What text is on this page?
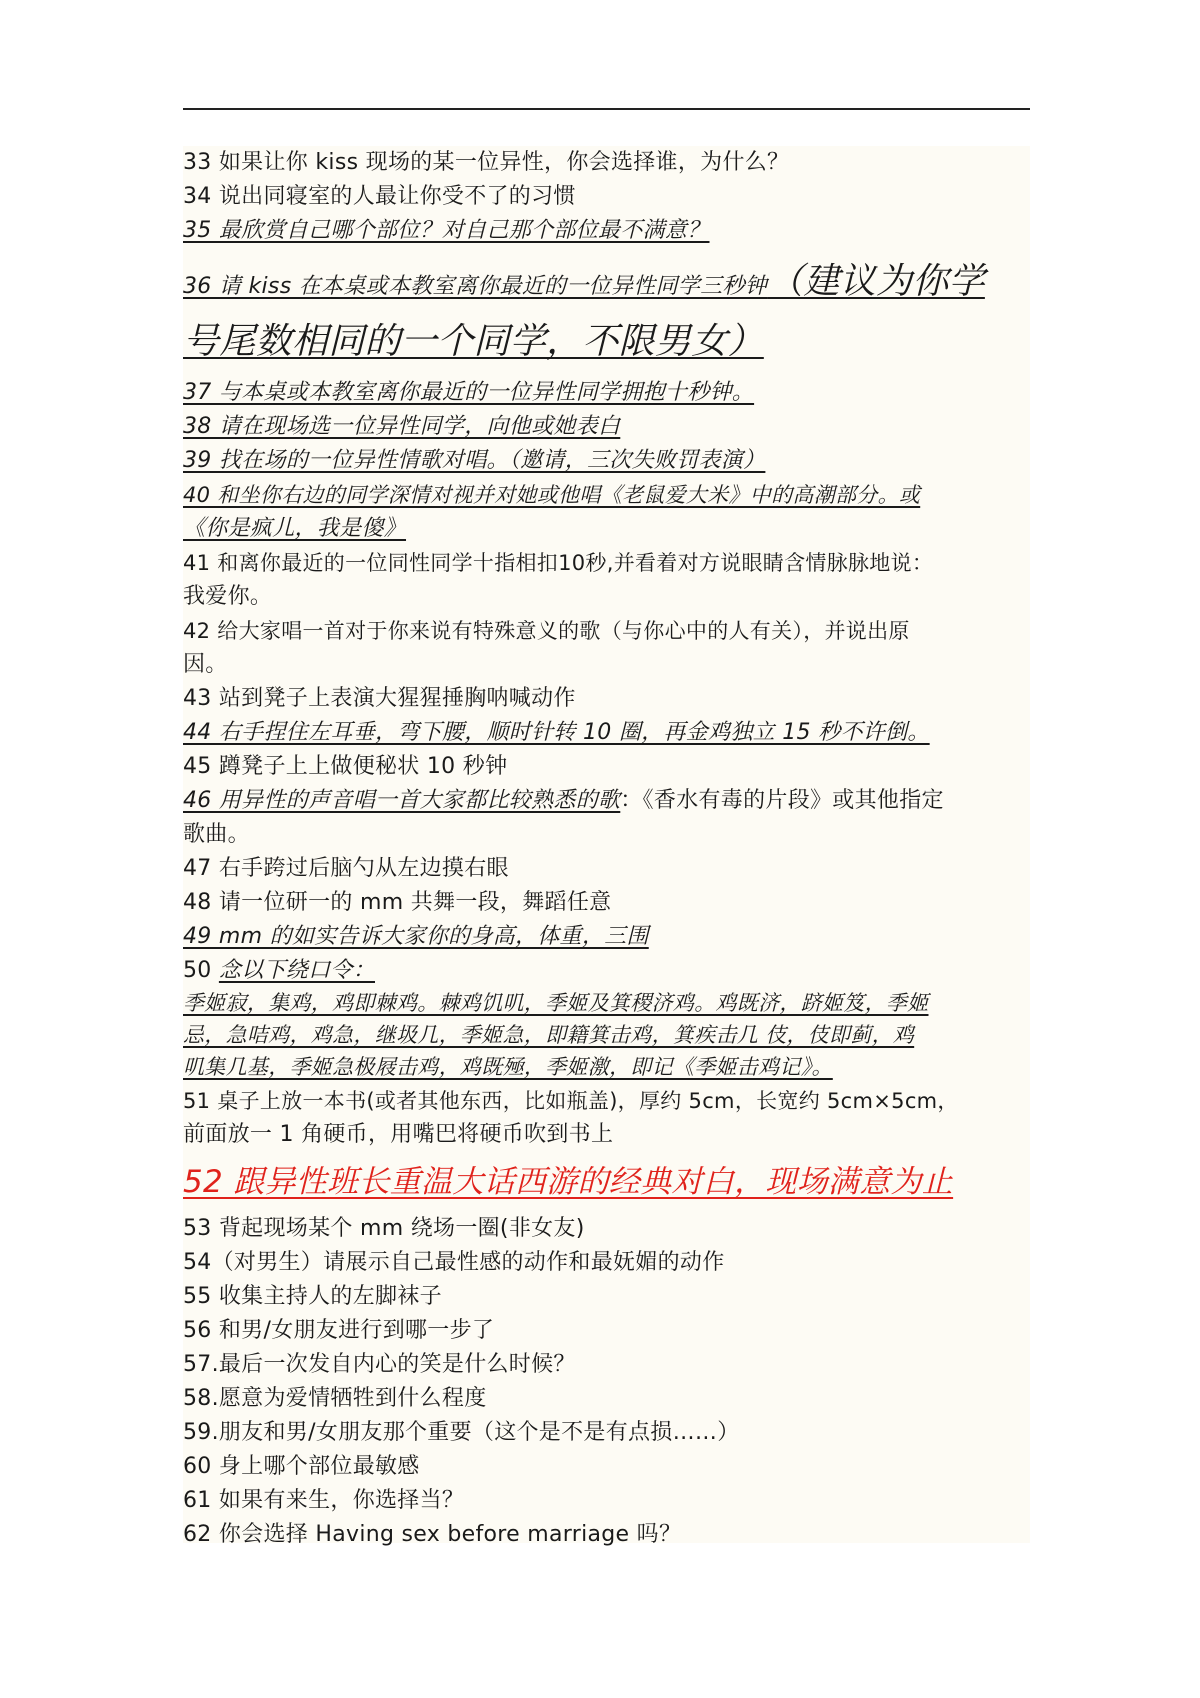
33 如果让你 kiss 现场的某一位异性，你会选择谁，为什么？
34 说出同寝室的人最让你受不了的习惯
35 最欣赏自己哪个部位？对自己那个部位最不满意？
36 请 kiss 在本桌或本教室离你最近的一位异性同学三秒钟（建议为你学
号尾数相同的一个同学，不限男女）
37 与本桌或本教室离你最近的一位异性同学拥抱十秒钟。
38 请在现场选一位异性同学，向他或她表白
39 找在场的一位异性情歌对唱。（邀请，三次失败罚表演）
40 和坐你右边的同学深情对视并对她或他唱《老鼠爱大米》中的高潮部分。或
《你是疯儿，我是傻》
41 和离你最近的一位同性同学十指相扣10秒,并看着对方说眼睛含情脉脉地说：
我爱你。
42 给大家唱一首对于你来说有特殊意义的歌（与你心中的人有关），并说出原
因。
43 站到凳子上表演大猩猩捶胸呐喊动作
44 右手捏住左耳垂，弯下腰，顺时针转 10 圈，再金鸡独立 15 秒不许倒。
45 蹲凳子上上做便秘状 10 秒钟
46 用异性的声音唱一首大家都比较熟悉的歌：《香水有毒的片段》或其他指定
歌曲。
47 右手跨过后脑勺从左边摸右眼
48 请一位研一的 mm 共舞一段，舞蹈任意
49 mm 的如实告诉大家你的身高，体重，三围
50 念以下绕口令：
季姬寂，集鸡，鸡即棘鸡。棘鸡饥叽，季姬及箕稷济鸡。鸡既济，跻姬笈，季姬
忌，急咭鸡，鸡急，继圾几，季姬急，即籍箕击鸡，箕疾击几 伎，伎即蓟，鸡
叽集几基，季姬急极屐击鸡，鸡既殛，季姬激，即记《季姬击鸡记》。
51 桌子上放一本书(或者其他东西，比如瓶盖)，厚约 5cm，长宽约 5cm×5cm，
前面放一 1 角硬币，用嘴巴将硬币吹到书上
52 跟异性班长重温大话西游的经典对白，现场满意为止
53 背起现场某个 mm 绕场一圈(非女友)
54（对男生）请展示自己最性感的动作和最妩媚的动作
55 收集主持人的左脚袜子
56 和男/女朋友进行到哪一步了
57.最后一次发自内心的笑是什么时候？
58.愿意为爱情牺牲到什么程度
59.朋友和男/女朋友那个重要（这个是不是有点损……）
60 身上哪个部位最敏感
61 如果有来生，你选择当？
62 你会选择 Having sex before marriage 吗？
